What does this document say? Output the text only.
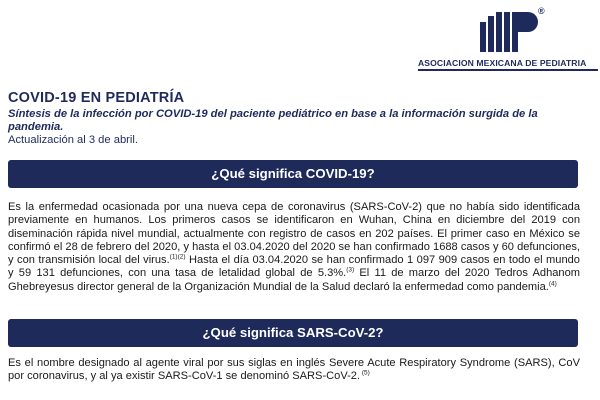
®
ASOCIACION MEXICANA DE PEDIATRIA
COVID-19 EN PEDIATRÍA
Síntesis de la infección por COVID-19 del paciente pediátrico en base a la información surgida de la pandemia.
Actualización al 3 de abril.
¿Qué significa COVID-19?

Es la enfermedad ocasionada por una nueva cepa de coronavirus (SARS-CoV-2) que no había sido identificada previamente en humanos. Los primeros casos se identificaron en Wuhan, China en diciembre del 2019 con diseminación rápida nivel mundial, actualmente con registro de casos en 202 países. El primer caso en México se confirmó el 28 de febrero del 2020, y hasta el 03.04.2020 del 2020 se han confirmado 1688 casos y 60 defunciones, y con transmisión local del virus.$^{(1)(2)}$ Hasta el día 03.04.2020 se han confirmado 1 097 909 casos en todo el mundo y 59 131 defunciones, con una tasa de letalidad global de 5.3%.$^{(3)}$ El 11 de marzo del 2020 Tedros Adhanom Ghebreyesus director general de la Organización Mundial de la Salud declaró la enfermedad como pandemia.$^{(4)}$

¿Qué significa SARS-CoV-2?

Es el nombre designado al agente viral por sus siglas en inglés Severe Acute Respiratory Syndrome (SARS), CoV por coronavirus, y al ya existir SARS-CoV-1 se denominó SARS-CoV-2. $^{(5)}$
